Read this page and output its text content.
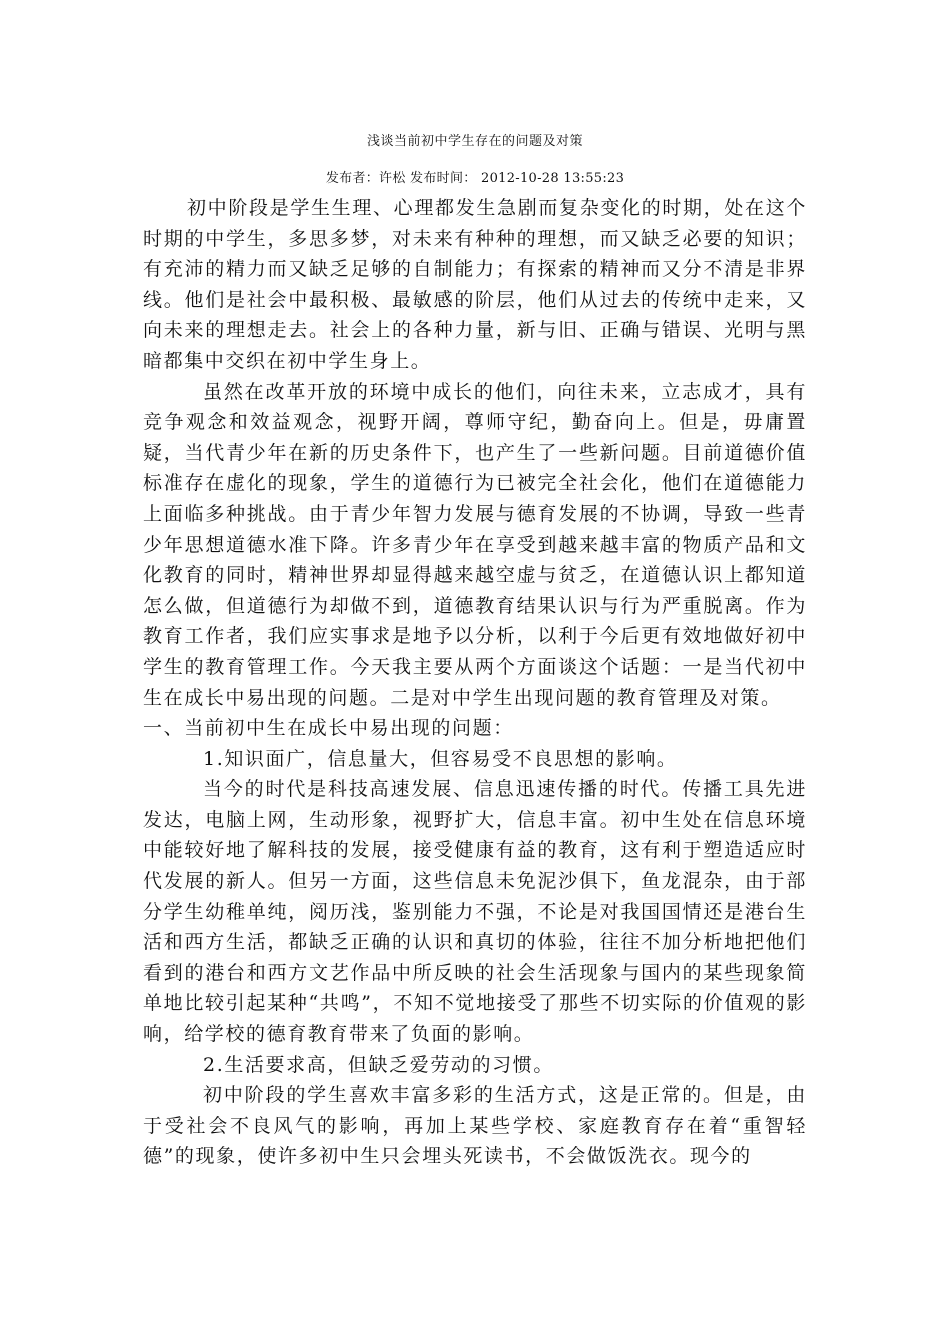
浅谈当前初中学生存在的问题及对策
发布者：许松 发布时间： 2012-10-28 13:55:23

初中阶段是学生生理、心理都发生急剧而复杂变化的时期，处在这个时期的中学生，多思多梦，对未来有种种的理想，而又缺乏必要的知识；有充沛的精力而又缺乏足够的自制能力；有探索的精神而又分不清是非界线。他们是社会中最积极、最敏感的阶层，他们从过去的传统中走来，又向未来的理想走去。社会上的各种力量，新与旧、正确与错误、光明与黑暗都集中交织在初中学生身上。

虽然在改革开放的环境中成长的他们，向往未来，立志成才，具有竞争观念和效益观念，视野开阔，尊师守纪，勤奋向上。但是，毋庸置疑，当代青少年在新的历史条件下，也产生了一些新问题。目前道德价值标准存在虚化的现象，学生的道德行为已被完全社会化，他们在道德能力上面临多种挑战。由于青少年智力发展与德育发展的不协调，导致一些青少年思想道德水准下降。许多青少年在享受到越来越丰富的物质产品和文化教育的同时，精神世界却显得越来越空虚与贫乏，在道德认识上都知道怎么做，但道德行为却做不到，道德教育结果认识与行为严重脱离。作为教育工作者，我们应实事求是地予以分析，以利于今后更有效地做好初中学生的教育管理工作。今天我主要从两个方面谈这个话题：一是当代初中生在成长中易出现的问题。二是对中学生出现问题的教育管理及对策。

一、当前初中生在成长中易出现的问题：

1.知识面广，信息量大，但容易受不良思想的影响。

当今的时代是科技高速发展、信息迅速传播的时代。传播工具先进发达，电脑上网，生动形象，视野扩大，信息丰富。初中生处在信息环境中能较好地了解科技的发展，接受健康有益的教育，这有利于塑造适应时代发展的新人。但另一方面，这些信息未免泥沙俱下，鱼龙混杂，由于部分学生幼稚单纯，阅历浅，鉴别能力不强，不论是对我国国情还是港台生活和西方生活，都缺乏正确的认识和真切的体验，往往不加分析地把他们看到的港台和西方文艺作品中所反映的社会生活现象与国内的某些现象简单地比较引起某种“共鸣”，不知不觉地接受了那些不切实际的价值观的影响，给学校的德育教育带来了负面的影响。

2.生活要求高，但缺乏爱劳动的习惯。

初中阶段的学生喜欢丰富多彩的生活方式，这是正常的。但是，由于受社会不良风气的影响，再加上某些学校、家庭教育存在着“重智轻德”的现象，使许多初中生只会埋头死读书，不会做饭洗衣。现今的
